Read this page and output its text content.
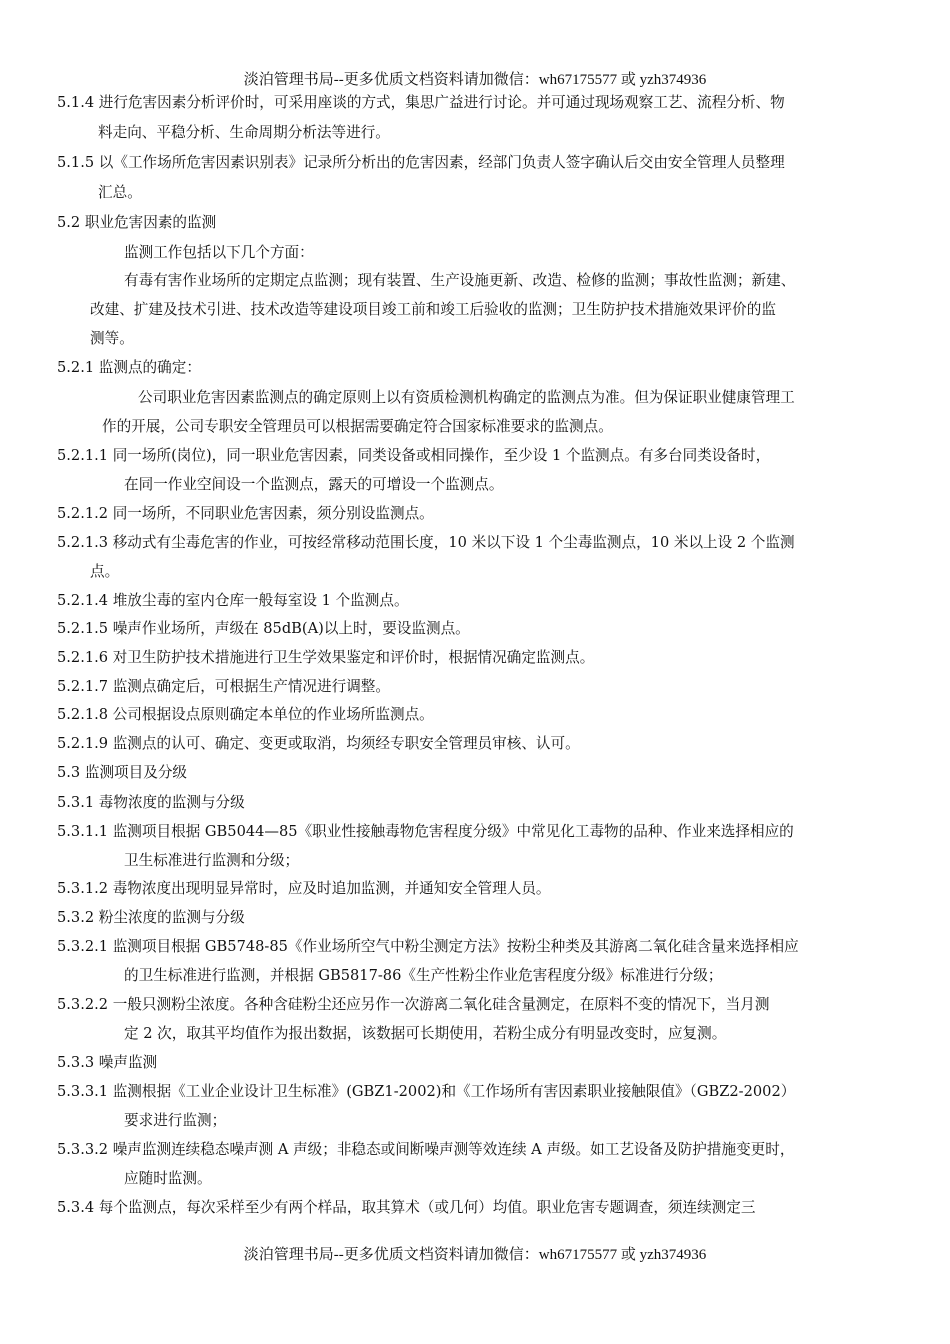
淡泊管理书局--更多优质文档资料请加微信：wh67175577 或 yzh374936
5.1.4 进行危害因素分析评价时，可采用座谈的方式，集思广益进行讨论。并可通过现场观察工艺、流程分析、物
料走向、平稳分析、生命周期分析法等进行。
5.1.5 以《工作场所危害因素识别表》记录所分析出的危害因素，经部门负责人签字确认后交由安全管理人员整理
汇总。
5.2 职业危害因素的监测
监测工作包括以下几个方面：
有毒有害作业场所的定期定点监测；现有装置、生产设施更新、改造、检修的监测；事故性监测；新建、
改建、扩建及技术引进、技术改造等建设项目竣工前和竣工后验收的监测；卫生防护技术措施效果评价的监
测等。
5.2.1 监测点的确定：
公司职业危害因素监测点的确定原则上以有资质检测机构确定的监测点为准。但为保证职业健康管理工
作的开展，公司专职安全管理员可以根据需要确定符合国家标准要求的监测点。
5.2.1.1 同一场所(岗位)，同一职业危害因素，同类设备或相同操作，至少设 1 个监测点。有多台同类设备时，
在同一作业空间设一个监测点，露天的可增设一个监测点。
5.2.1.2 同一场所，不同职业危害因素，须分别设监测点。
5.2.1.3 移动式有尘毒危害的作业，可按经常移动范围长度，10 米以下设 1 个尘毒监测点，10 米以上设 2 个监测
点。
5.2.1.4 堆放尘毒的室内仓库一般每室设 1 个监测点。
5.2.1.5 噪声作业场所，声级在 85dB(A)以上时，要设监测点。
5.2.1.6 对卫生防护技术措施进行卫生学效果鉴定和评价时，根据情况确定监测点。
5.2.1.7 监测点确定后，可根据生产情况进行调整。
5.2.1.8 公司根据设点原则确定本单位的作业场所监测点。
5.2.1.9 监测点的认可、确定、变更或取消，均须经专职安全管理员审核、认可。
5.3 监测项目及分级
5.3.1 毒物浓度的监测与分级
5.3.1.1 监测项目根据 GB5044—85《职业性接触毒物危害程度分级》中常见化工毒物的品种、作业来选择相应的
卫生标准进行监测和分级；
5.3.1.2 毒物浓度出现明显异常时，应及时追加监测，并通知安全管理人员。
5.3.2 粉尘浓度的监测与分级
5.3.2.1 监测项目根据 GB5748-85《作业场所空气中粉尘测定方法》按粉尘种类及其游离二氧化硅含量来选择相应
的卫生标准进行监测，并根据 GB5817-86《生产性粉尘作业危害程度分级》标准进行分级；
5.3.2.2 一般只测粉尘浓度。各种含硅粉尘还应另作一次游离二氧化硅含量测定，在原料不变的情况下，当月测
定 2 次，取其平均值作为报出数据，该数据可长期使用，若粉尘成分有明显改变时，应复测。
5.3.3 噪声监测
5.3.3.1 监测根据《工业企业设计卫生标准》(GBZ1-2002)和《工作场所有害因素职业接触限值》（GBZ2-2002）
要求进行监测；
5.3.3.2 噪声监测连续稳态噪声测 A 声级；非稳态或间断噪声测等效连续 A 声级。如工艺设备及防护措施变更时，
应随时监测。
5.3.4 每个监测点，每次采样至少有两个样品，取其算术（或几何）均值。职业危害专题调查，须连续测定三
淡泊管理书局--更多优质文档资料请加微信：wh67175577 或 yzh374936
